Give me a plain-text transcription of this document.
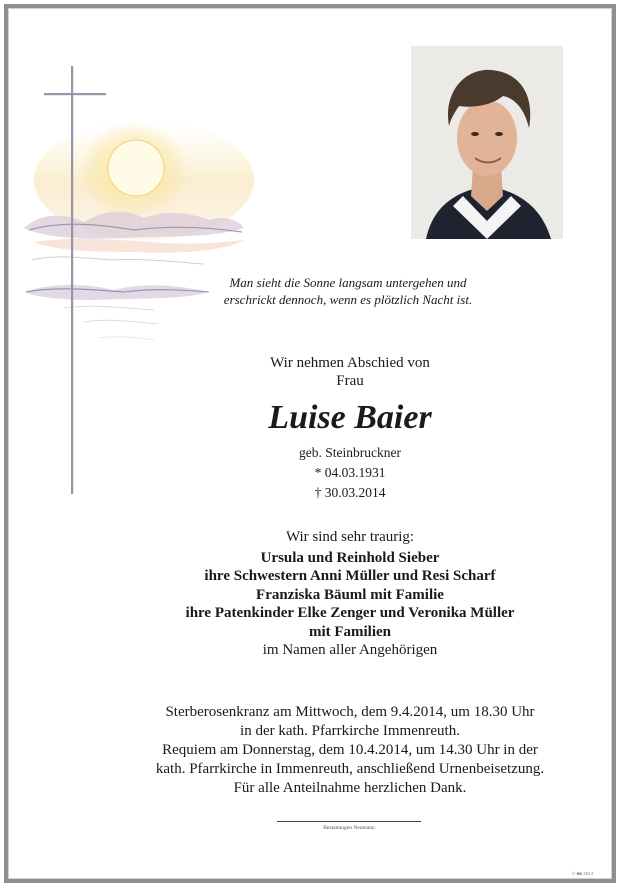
Man sieht die Sonne langsam untergehen und
erschrickt dennoch, wenn es plötzlich Nacht ist.
Wir nehmen Abschied von
Frau
Luise Baier
geb. Steinbruckner
* 04.03.1931
† 30.03.2014
Wir sind sehr traurig:
Ursula und Reinhold Sieber
ihre Schwestern Anni Müller und Resi Scharf
Franziska Bäuml mit Familie
ihre Patenkinder Elke Zenger und Veronika Müller
mit Familien
im Namen aller Angehörigen
Sterberosenkranz am Mittwoch, dem 9.4.2014, um 18.30 Uhr
in der kath. Pfarrkirche Immenreuth.
Requiem am Donnerstag, dem 10.4.2014, um 14.30 Uhr in der
kath. Pfarrkirche in Immenreuth, anschließend Urnenbeisetzung.
Für alle Anteilnahme herzlichen Dank.
Bestattungen Neumann
© ■■ 2014
